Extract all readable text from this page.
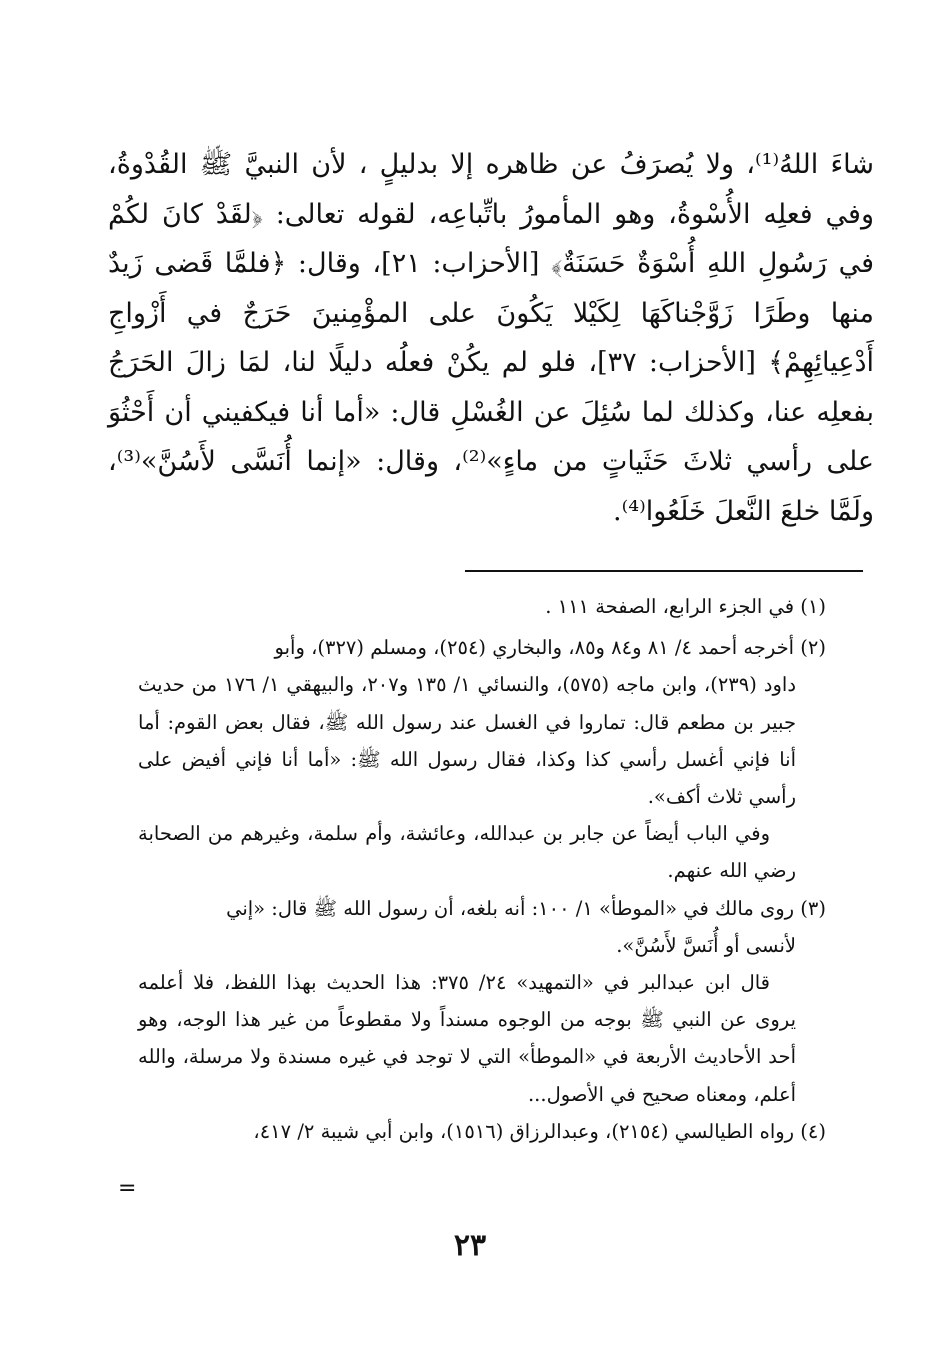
شاءَ اللهُ⁽¹⁾، ولا يُصرَفُ عن ظاهره إلا بدليلٍ ، لأن النبيَّ ﷺ القُدْوةُ، وفي فعلِه الأُسْوةُ، وهو المأمورُ باتِّباعِه، لقوله تعالى: ﴿لقَدْ كانَ لكُمْ في رَسُولِ اللهِ أُسْوَةٌ حَسَنَةٌ﴾ [الأحزاب: ٢١]، وقال: ﴿فلمَّا قَضى زَيدٌ منها وطَرًا زَوَّجْناكَهَا لِكَيْلا يَكُونَ على المؤْمِنينَ حَرَجٌ في أَزْواجِ أَدْعِيائِهِمْ﴾ [الأحزاب: ٣٧]، فلو لم يكُنْ فعلُه دليلًا لنا، لمَا زالَ الحَرَجُ بفعلِه عنا، وكذلك لما سُئِلَ عن الغُسْلِ قال: «أما أنا فيكفيني أن أَحْثُوَ على رأسي ثلاثَ حَثَياتٍ من ماءٍ»⁽²⁾، وقال: «إنما أُنَسَّى لأَسُنَّ»⁽³⁾، ولَمَّا خلعَ النَّعلَ خَلَعُوا⁽⁴⁾.

(١) في الجزء الرابع، الصفحة ١١١ .

(٢) أخرجه أحمد ٤/ ٨١ و٨٤ و٨٥، والبخاري (٢٥٤)، ومسلم (٣٢٧)، وأبو

داود (٢٣٩)، وابن ماجه (٥٧٥)، والنسائي ١/ ١٣٥ و٢٠٧، والبيهقي ١/ ١٧٦ من حديث جبير بن مطعم قال: تماروا في الغسل عند رسول الله ﷺ، فقال بعض القوم: أما أنا فإني أغسل رأسي كذا وكذا، فقال رسول الله ﷺ: «أما أنا فإني أفيض على رأسي ثلاث أكف».

وفي الباب أيضاً عن جابر بن عبدالله، وعائشة، وأم سلمة، وغيرهم من الصحابة رضي الله عنهم.

(٣) روى مالك في «الموطأ» ١/ ١٠٠: أنه بلغه، أن رسول الله ﷺ قال: «إني

لأنسى أو أُنَسَّ لأَسُنَّ».

قال ابن عبدالبر في «التمهيد» ٢٤/ ٣٧٥: هذا الحديث بهذا اللفظ، فلا أعلمه يروى عن النبي ﷺ بوجه من الوجوه مسنداً ولا مقطوعاً من غير هذا الوجه، وهو أحد الأحاديث الأربعة في «الموطأ» التي لا توجد في غيره مسندة ولا مرسلة، والله أعلم، ومعناه صحيح في الأصول...

(٤) رواه الطيالسي (٢١٥٤)، وعبدالرزاق (١٥١٦)، وابن أبي شيبة ٢/ ٤١٧،

=
٢٣
